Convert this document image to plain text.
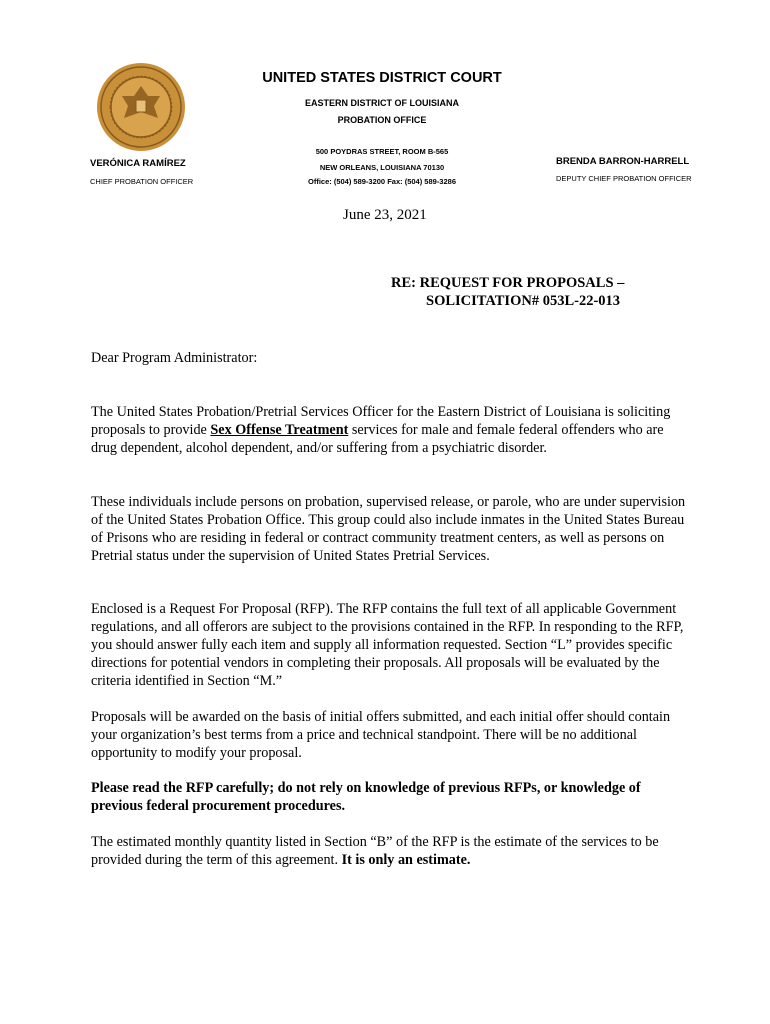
UNITED STATES DISTRICT COURT
EASTERN DISTRICT OF LOUISIANA
PROBATION OFFICE
500 POYDRAS STREET, ROOM B-565
NEW ORLEANS, LOUISIANA 70130
Office: (504) 589-3200 Fax: (504) 589-3286
VERÓNICA RAMÍREZ
CHIEF PROBATION OFFICER
BRENDA BARRON-HARRELL
DEPUTY CHIEF PROBATION OFFICER
June 23, 2021
RE: REQUEST FOR PROPOSALS –
SOLICITATION# 053L-22-013

Dear Program Administrator:

The United States Probation/Pretrial Services Officer for the Eastern District of Louisiana is soliciting proposals to provide Sex Offense Treatment services for male and female federal offenders who are drug dependent, alcohol dependent, and/or suffering from a psychiatric disorder.

These individuals include persons on probation, supervised release, or parole, who are under supervision of the United States Probation Office. This group could also include inmates in the United States Bureau of Prisons who are residing in federal or contract community treatment centers, as well as persons on Pretrial status under the supervision of United States Pretrial Services.

Enclosed is a Request For Proposal (RFP). The RFP contains the full text of all applicable Government regulations, and all offerors are subject to the provisions contained in the RFP. In responding to the RFP, you should answer fully each item and supply all information requested. Section “L” provides specific directions for potential vendors in completing their proposals. All proposals will be evaluated by the criteria identified in Section “M.”

Proposals will be awarded on the basis of initial offers submitted, and each initial offer should contain your organization’s best terms from a price and technical standpoint. There will be no additional opportunity to modify your proposal.

Please read the RFP carefully; do not rely on knowledge of previous RFPs, or knowledge of previous federal procurement procedures.

The estimated monthly quantity listed in Section “B” of the RFP is the estimate of the services to be provided during the term of this agreement. It is only an estimate.
